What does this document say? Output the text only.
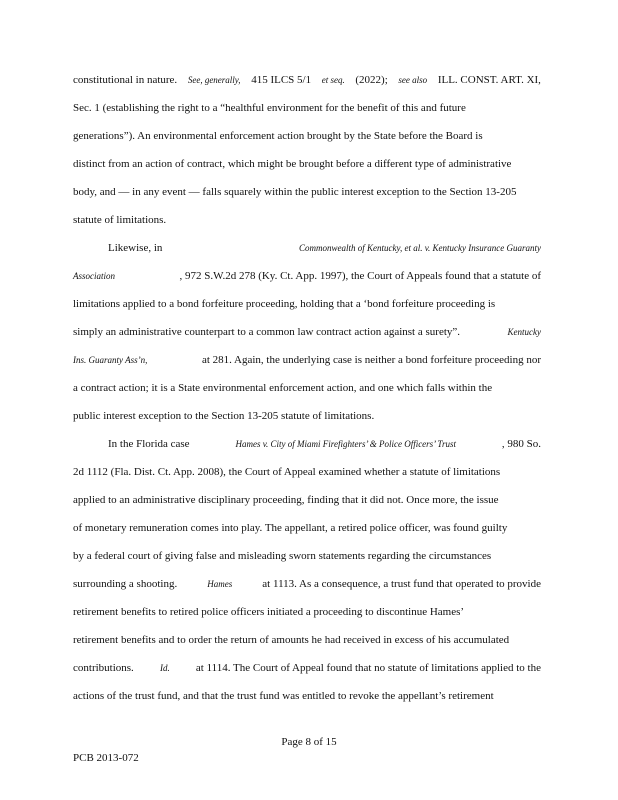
constitutional in nature. See, generally, 415 ILCS 5/1 et seq. (2022); see also ILL. CONST. ART. XI,
Sec. 1 (establishing the right to a “healthful environment for the benefit of this and future
generations”). An environmental enforcement action brought by the State before the Board is
distinct from an action of contract, which might be brought before a different type of administrative
body, and — in any event — falls squarely within the public interest exception to the Section 13-205
statute of limitations.
Likewise, in	Commonwealth of Kentucky, et al. v. Kentucky Insurance Guaranty
Association	, 972 S.W.2d 278 (Ky. Ct. App. 1997), the Court of Appeals found that a statute of
limitations applied to a bond forfeiture proceeding, holding that a ‘bond forfeiture proceeding is
simply an administrative counterpart to a common law contract action against a surety”.	Kentucky
Ins. Guaranty Ass’n,	at 281. Again, the underlying case is neither a bond forfeiture proceeding nor
a contract action; it is a State environmental enforcement action, and one which falls within the
public interest exception to the Section 13-205 statute of limitations.
In the Florida case	Hames v. City of Miami Firefighters’ & Police Officers’ Trust	, 980 So.
2d 1112 (Fla. Dist. Ct. App. 2008), the Court of Appeal examined whether a statute of limitations
applied to an administrative disciplinary proceeding, finding that it did not. Once more, the issue
of monetary remuneration comes into play. The appellant, a retired police officer, was found guilty
by a federal court of giving false and misleading sworn statements regarding the circumstances
surrounding a shooting.	Hames	at 1113. As a consequence, a trust fund that operated to provide
retirement benefits to retired police officers initiated a proceeding to discontinue Hames’
retirement benefits and to order the return of amounts he had received in excess of his accumulated
contributions.	Id. at 1114. The Court of Appeal found that no statute of limitations applied to the
actions of the trust fund, and that the trust fund was entitled to revoke the appellant’s retirement
Page 8 of 15
PCB 2013-072
